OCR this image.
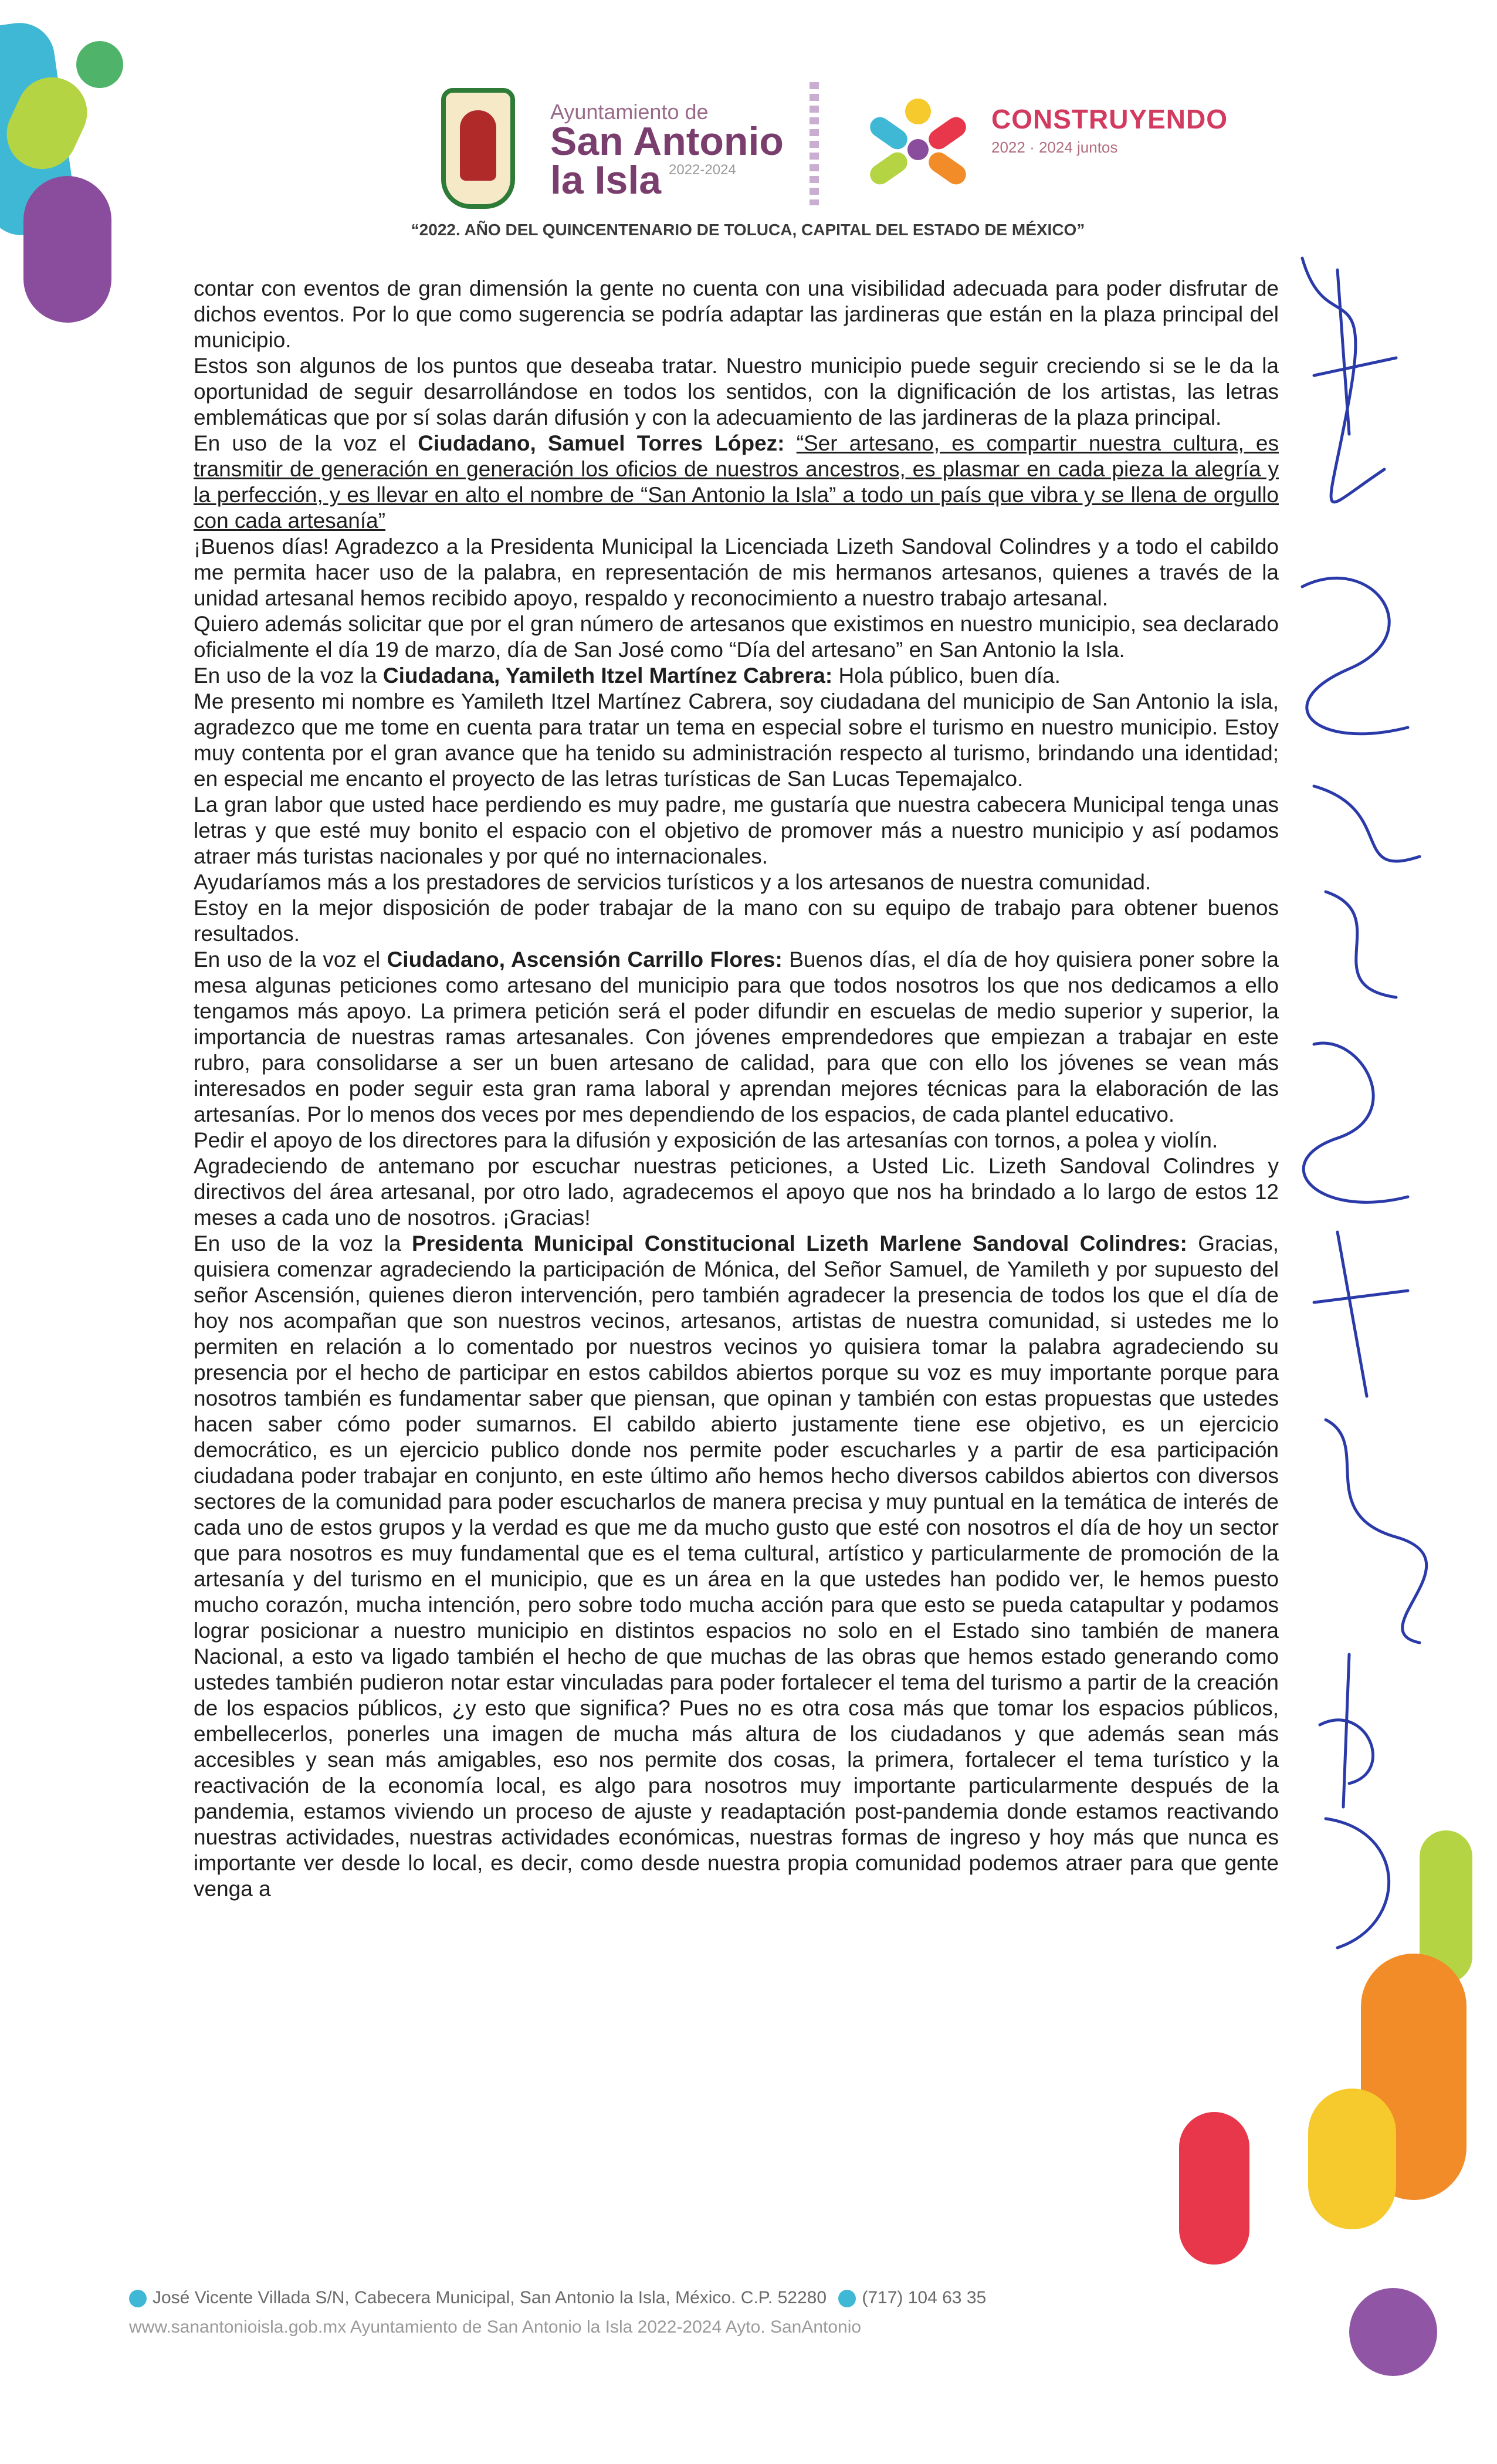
Ayuntamiento de
San Antonio
la Isla 2022-2024
CONSTRUYENDO
2022 · 2024 juntos
“2022. AÑO DEL QUINCENTENARIO DE TOLUCA, CAPITAL DEL ESTADO DE MÉXICO”

contar con eventos de gran dimensión la gente no cuenta con una visibilidad adecuada para poder disfrutar de dichos eventos. Por lo que como sugerencia se podría adaptar las jardineras que están en la plaza principal del municipio.

Estos son algunos de los puntos que deseaba tratar. Nuestro municipio puede seguir creciendo si se le da la oportunidad de seguir desarrollándose en todos los sentidos, con la dignificación de los artistas, las letras emblemáticas que por sí solas darán difusión y con la adecuamiento de las jardineras de la plaza principal.

En uso de la voz el Ciudadano, Samuel Torres López: “Ser artesano, es compartir nuestra cultura, es transmitir de generación en generación los oficios de nuestros ancestros, es plasmar en cada pieza la alegría y la perfección, y es llevar en alto el nombre de “San Antonio la Isla” a todo un país que vibra y se llena de orgullo con cada artesanía”

¡Buenos días! Agradezco a la Presidenta Municipal la Licenciada Lizeth Sandoval Colindres y a todo el cabildo me permita hacer uso de la palabra, en representación de mis hermanos artesanos, quienes a través de la unidad artesanal hemos recibido apoyo, respaldo y reconocimiento a nuestro trabajo artesanal.

Quiero además solicitar que por el gran número de artesanos que existimos en nuestro municipio, sea declarado oficialmente el día 19 de marzo, día de San José como “Día del artesano” en San Antonio la Isla.

En uso de la voz la Ciudadana, Yamileth Itzel Martínez Cabrera: Hola público, buen día.

Me presento mi nombre es Yamileth Itzel Martínez Cabrera, soy ciudadana del municipio de San Antonio la isla, agradezco que me tome en cuenta para tratar un tema en especial sobre el turismo en nuestro municipio. Estoy muy contenta por el gran avance que ha tenido su administración respecto al turismo, brindando una identidad; en especial me encanto el proyecto de las letras turísticas de San Lucas Tepemajalco.

La gran labor que usted hace perdiendo es muy padre, me gustaría que nuestra cabecera Municipal tenga unas letras y que esté muy bonito el espacio con el objetivo de promover más a nuestro municipio y así podamos atraer más turistas nacionales y por qué no internacionales.

Ayudaríamos más a los prestadores de servicios turísticos y a los artesanos de nuestra comunidad.

Estoy en la mejor disposición de poder trabajar de la mano con su equipo de trabajo para obtener buenos resultados.

En uso de la voz el Ciudadano, Ascensión Carrillo Flores: Buenos días, el día de hoy quisiera poner sobre la mesa algunas peticiones como artesano del municipio para que todos nosotros los que nos dedicamos a ello tengamos más apoyo. La primera petición será el poder difundir en escuelas de medio superior y superior, la importancia de nuestras ramas artesanales. Con jóvenes emprendedores que empiezan a trabajar en este rubro, para consolidarse a ser un buen artesano de calidad, para que con ello los jóvenes se vean más interesados en poder seguir esta gran rama laboral y aprendan mejores técnicas para la elaboración de las artesanías. Por lo menos dos veces por mes dependiendo de los espacios, de cada plantel educativo.

Pedir el apoyo de los directores para la difusión y exposición de las artesanías con tornos, a polea y violín.

Agradeciendo de antemano por escuchar nuestras peticiones, a Usted Lic. Lizeth Sandoval Colindres y directivos del área artesanal, por otro lado, agradecemos el apoyo que nos ha brindado a lo largo de estos 12 meses a cada uno de nosotros. ¡Gracias!

En uso de la voz la Presidenta Municipal Constitucional Lizeth Marlene Sandoval Colindres: Gracias, quisiera comenzar agradeciendo la participación de Mónica, del Señor Samuel, de Yamileth y por supuesto del señor Ascensión, quienes dieron intervención, pero también agradecer la presencia de todos los que el día de hoy nos acompañan que son nuestros vecinos, artesanos, artistas de nuestra comunidad, si ustedes me lo permiten en relación a lo comentado por nuestros vecinos yo quisiera tomar la palabra agradeciendo su presencia por el hecho de participar en estos cabildos abiertos porque su voz es muy importante porque para nosotros también es fundamentar saber que piensan, que opinan y también con estas propuestas que ustedes hacen saber cómo poder sumarnos. El cabildo abierto justamente tiene ese objetivo, es un ejercicio democrático, es un ejercicio publico donde nos permite poder escucharles y a partir de esa participación ciudadana poder trabajar en conjunto, en este último año hemos hecho diversos cabildos abiertos con diversos sectores de la comunidad para poder escucharlos de manera precisa y muy puntual en la temática de interés de cada uno de estos grupos y la verdad es que me da mucho gusto que esté con nosotros el día de hoy un sector que para nosotros es muy fundamental que es el tema cultural, artístico y particularmente de promoción de la artesanía y del turismo en el municipio, que es un área en la que ustedes han podido ver, le hemos puesto mucho corazón, mucha intención, pero sobre todo mucha acción para que esto se pueda catapultar y podamos lograr posicionar a nuestro municipio en distintos espacios no solo en el Estado sino también de manera Nacional, a esto va ligado también el hecho de que muchas de las obras que hemos estado generando como ustedes también pudieron notar estar vinculadas para poder fortalecer el tema del turismo a partir de la creación de los espacios públicos, ¿y esto que significa? Pues no es otra cosa más que tomar los espacios públicos, embellecerlos, ponerles una imagen de mucha más altura de los ciudadanos y que además sean más accesibles y sean más amigables, eso nos permite dos cosas, la primera, fortalecer el tema turístico y la reactivación de la economía local, es algo para nosotros muy importante particularmente después de la pandemia, estamos viviendo un proceso de ajuste y readaptación post-pandemia donde estamos reactivando nuestras actividades, nuestras actividades económicas, nuestras formas de ingreso y hoy más que nunca es importante ver desde lo local, es decir, como desde nuestra propia comunidad podemos atraer para que gente venga a

José Vicente Villada S/N, Cabecera Municipal, San Antonio la Isla, México. C.P. 52280 (717) 104 63 35
www.sanantonioisla.gob.mx Ayuntamiento de San Antonio la Isla 2022-2024 Ayto. SanAntonio
